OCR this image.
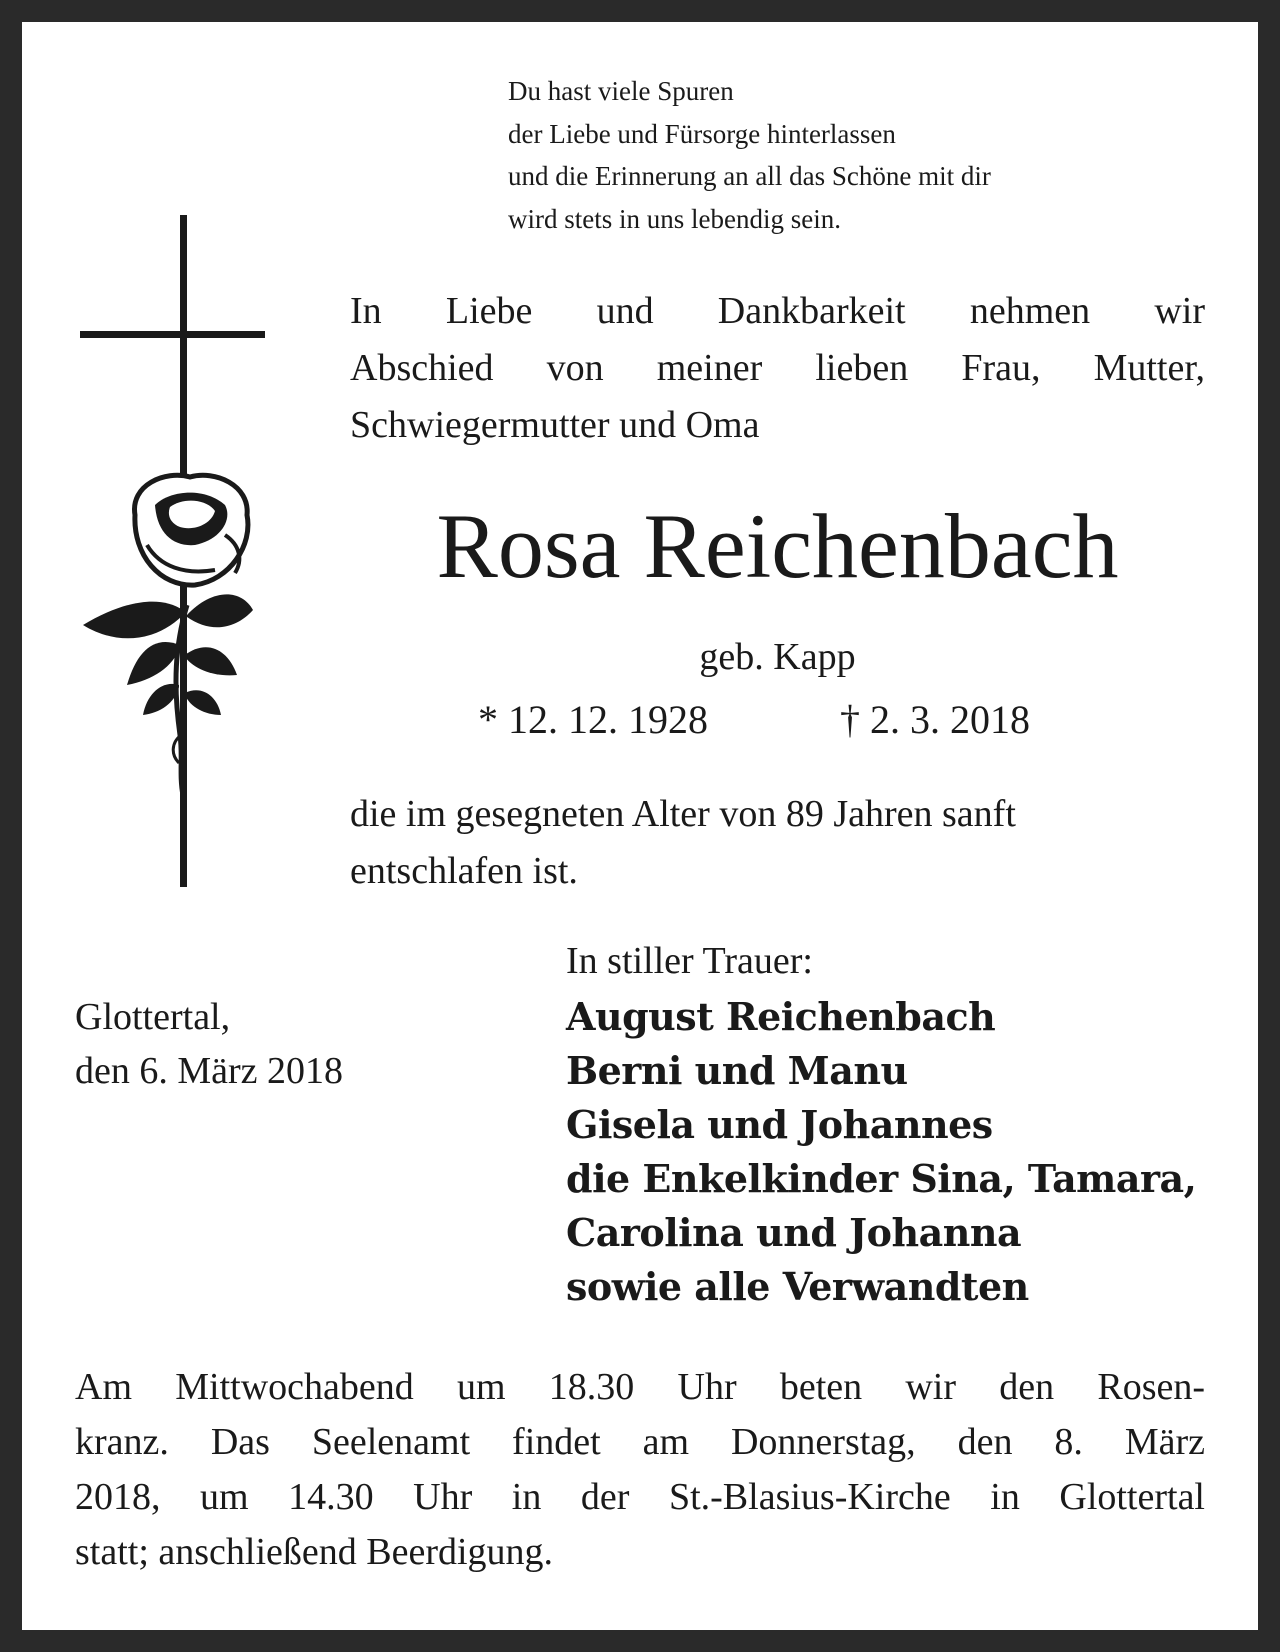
Du hast viele Spuren
der Liebe und Fürsorge hinterlassen
und die Erinnerung an all das Schöne mit dir
wird stets in uns lebendig sein.
In Liebe und Dankbarkeit nehmen wir
Abschied von meiner lieben Frau, Mutter,
Schwiegermutter und Oma
Rosa Reichenbach
geb. Kapp
* 12. 12. 1928	† 2. 3. 2018
die im gesegneten Alter von 89 Jahren sanft
entschlafen ist.
Glottertal,
den 6. März 2018
In stiller Trauer:
August Reichenbach
Berni und Manu
Gisela und Johannes
die Enkelkinder Sina, Tamara,
Carolina und Johanna
sowie alle Verwandten
Am Mittwochabend um 18.30 Uhr beten wir den Rosen-
kranz. Das Seelenamt findet am Donnerstag, den 8. März
2018, um 14.30 Uhr in der St.-Blasius-Kirche in Glottertal
statt; anschließend Beerdigung.
